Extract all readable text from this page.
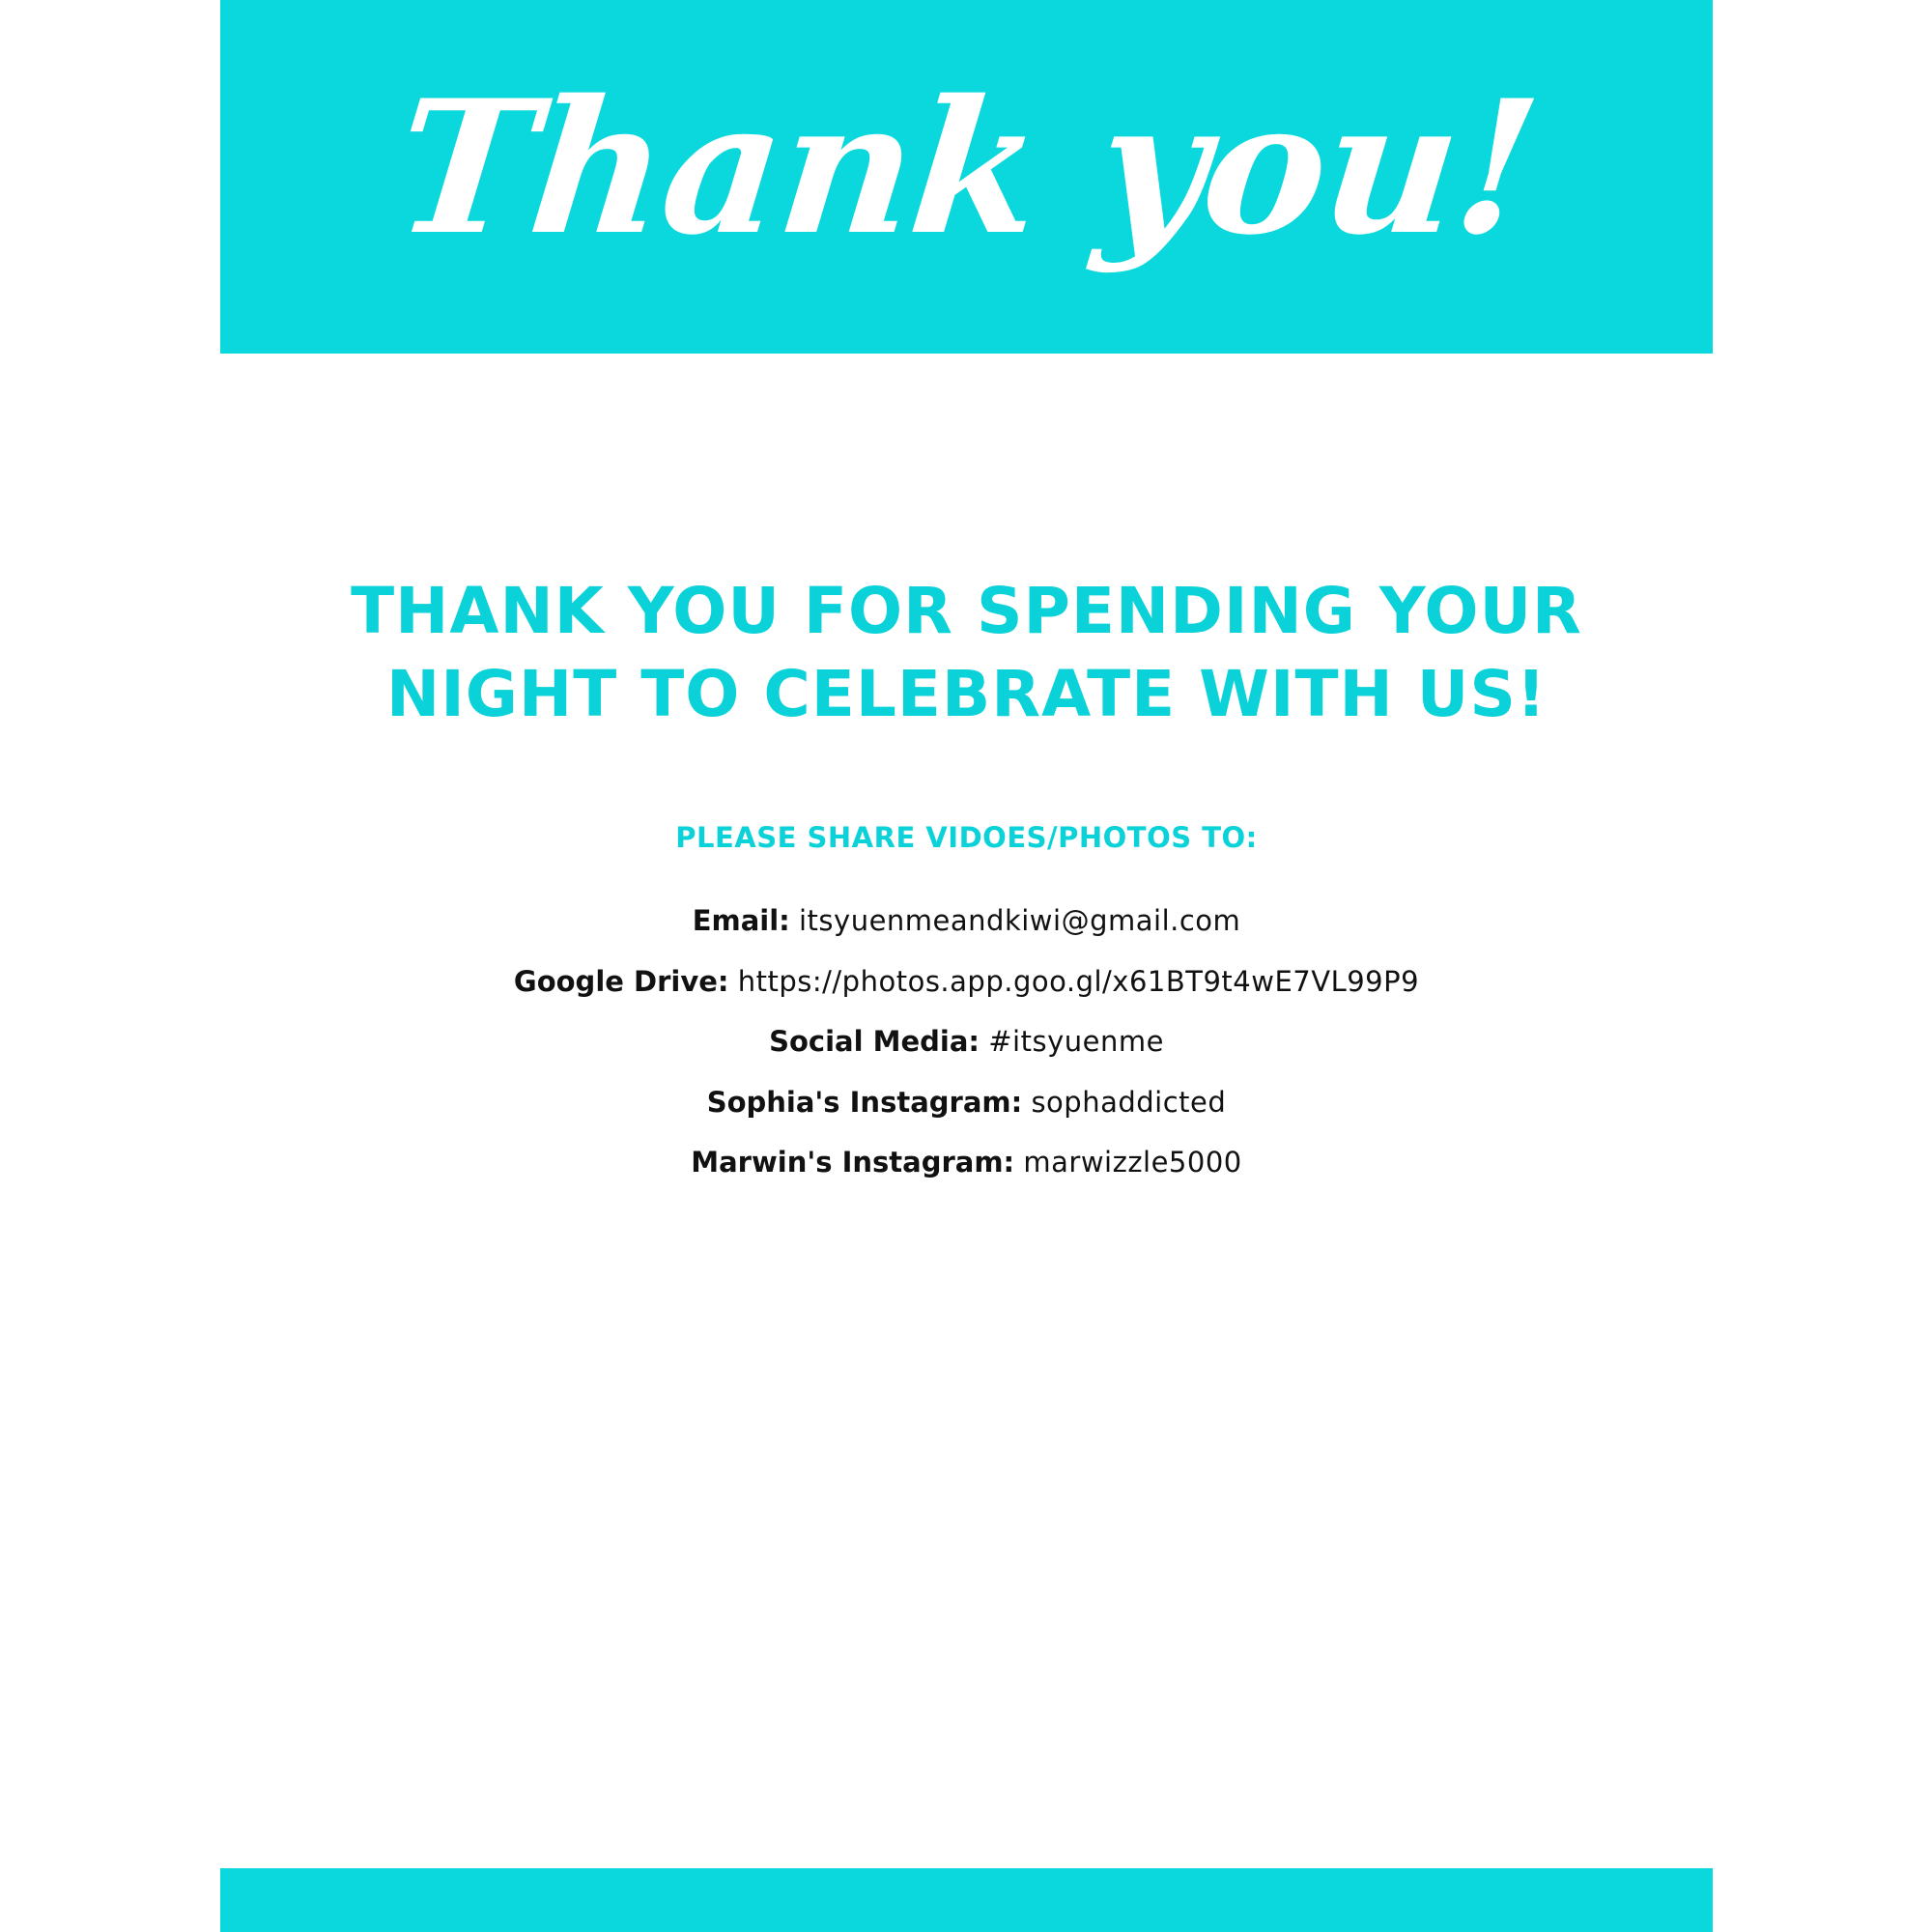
Thank you!
THANK YOU FOR SPENDING YOUR
NIGHT TO CELEBRATE WITH US!
PLEASE SHARE VIDOES/PHOTOS TO:
Email: itsyuenmeandkiwi@gmail.com
Google Drive: https://photos.app.goo.gl/x61BT9t4wE7VL99P9
Social Media: #itsyuenme
Sophia's Instagram: sophaddicted
Marwin's Instagram: marwizzle5000
